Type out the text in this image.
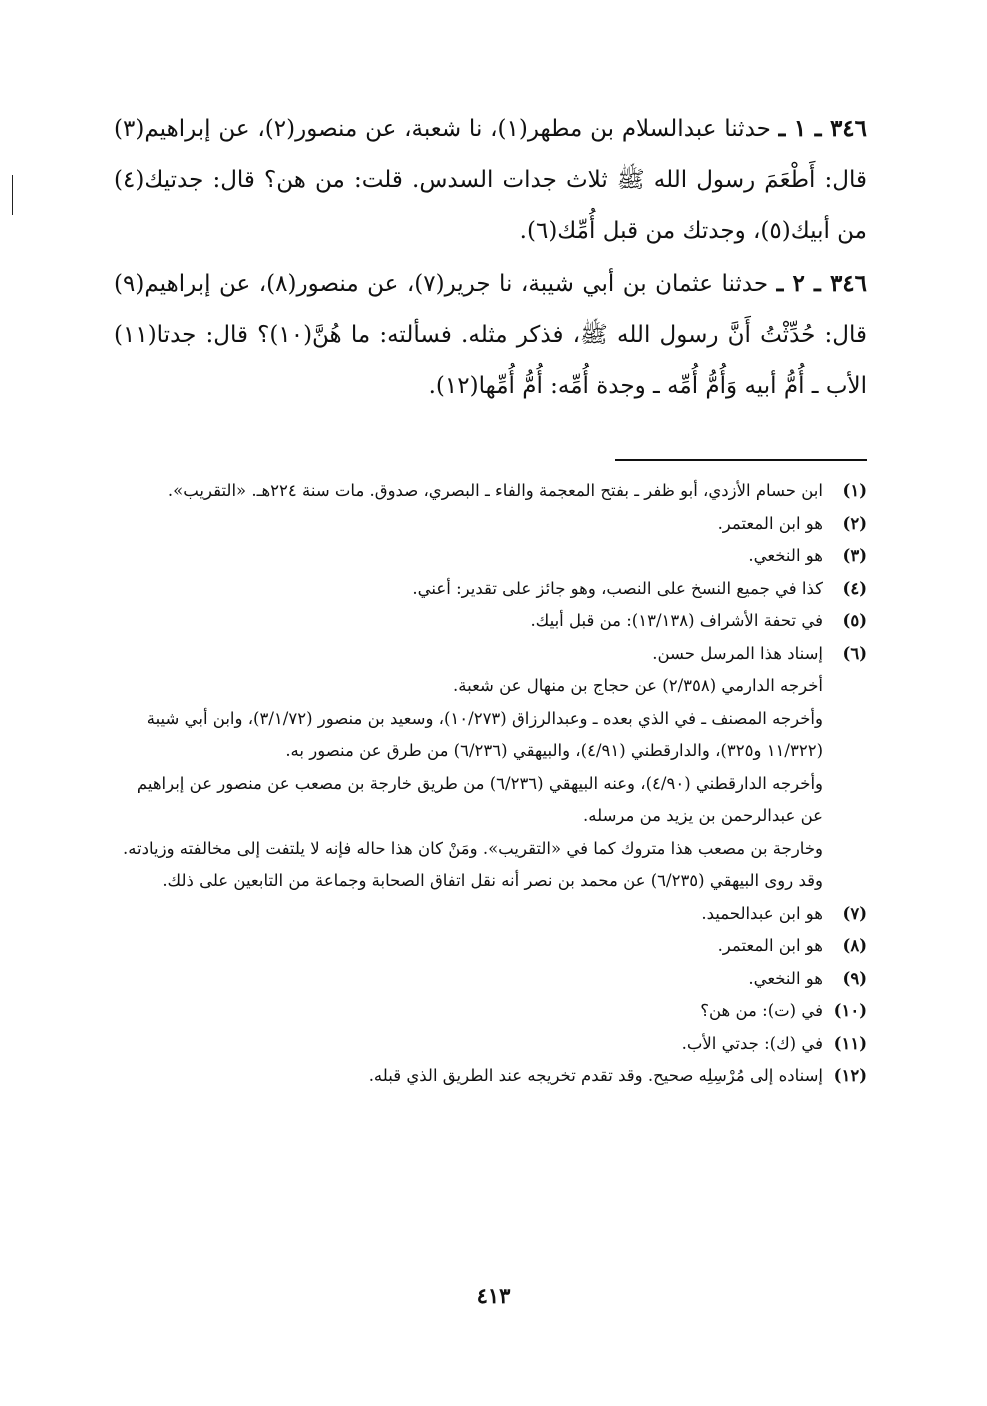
٣٤٦ ـ ١ ـ حدثنا عبدالسلام بن مطهر(١)، نا شعبة، عن منصور(٢)، عن إبراهيم(٣) قال: أَطْعَمَ رسول الله ﷺ ثلاث جدات السدس. قلت: من هن؟ قال: جدتيك(٤) من أبيك(٥)، وجدتك من قبل أُمِّك(٦).

٣٤٦ ـ ٢ ـ حدثنا عثمان بن أبي شيبة، نا جرير(٧)، عن منصور(٨)، عن إبراهيم(٩) قال: حُدِّثْتُ أَنَّ رسول الله ﷺ، فذكر مثله. فسألته: ما هُنَّ(١٠)؟ قال: جدتا(١١) الأب ـ أُمُّ أبيه وَأُمُّ أُمِّه ـ وجدة أُمِّه: أُمُّ أُمِّها(١٢).

(١)

ابن حسام الأزدي، أبو ظفر ـ بفتح المعجمة والفاء ـ البصري، صدوق. مات سنة ٢٢٤هـ. «التقريب».

(٢)

هو ابن المعتمر.

(٣)

هو النخعي.

(٤)

كذا في جميع النسخ على النصب، وهو جائز على تقدير: أعني.

(٥)

في تحفة الأشراف (١٣/١٣٨): من قبل أبيك.

(٦)

إسناد هذا المرسل حسن.

أخرجه الدارمي (٢/٣٥٨) عن حجاج بن منهال عن شعبة.

وأخرجه المصنف ـ في الذي بعده ـ وعبدالرزاق (١٠/٢٧٣)، وسعيد بن منصور (٣/١/٧٢)، وابن أبي شيبة (١١/٣٢٢ و٣٢٥)، والدارقطني (٤/٩١)، والبيهقي (٦/٢٣٦) من طرق عن منصور به.

وأخرجه الدارقطني (٤/٩٠)، وعنه البيهقي (٦/٢٣٦) من طريق خارجة بن مصعب عن منصور عن إبراهيم عن عبدالرحمن بن يزيد من مرسله.

وخارجة بن مصعب هذا متروك كما في «التقريب». ومَنْ كان هذا حاله فإنه لا يلتفت إلى مخالفته وزيادته.

وقد روى البيهقي (٦/٢٣٥) عن محمد بن نصر أنه نقل اتفاق الصحابة وجماعة من التابعين على ذلك.

(٧)

هو ابن عبدالحميد.

(٨)

هو ابن المعتمر.

(٩)

هو النخعي.

(١٠)

في (ت): من هن؟

(١١)

في (ك): جدتي الأب.

(١٢)

إسناده إلى مُرْسِلِه صحيح. وقد تقدم تخريجه عند الطريق الذي قبله.

٤١٣
